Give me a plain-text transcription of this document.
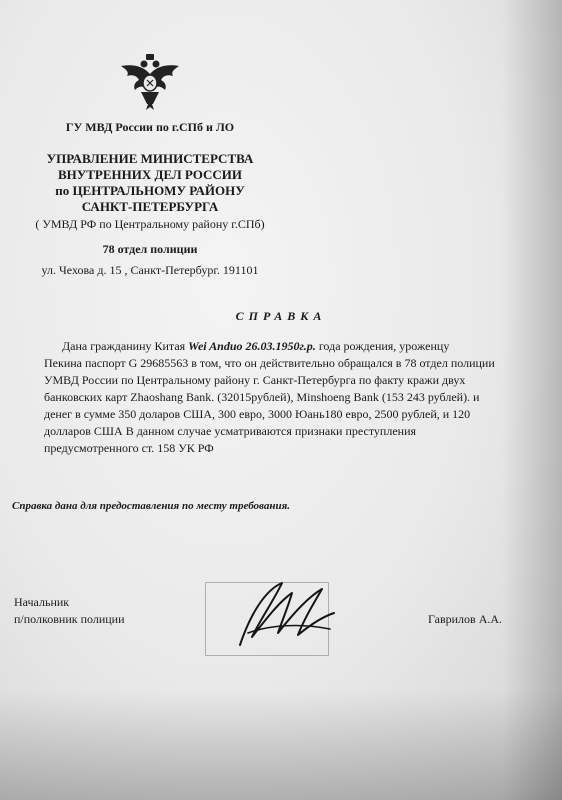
ГУ МВД России по г.СПб и ЛО
УПРАВЛЕНИЕ МИНИСТЕРСТВА
ВНУТРЕННИХ ДЕЛ РОССИИ
по ЦЕНТРАЛЬНОМУ РАЙОНУ
САНКТ-ПЕТЕРБУРГА
( УМВД РФ по Центральному району г.СПб)
78 отдел полиции
ул. Чехова д. 15 , Санкт-Петербург. 191101
СПРАВКА

Дана гражданину Китая Wei Anduo 26.03.1950г.р. года рождения, уроженцу

Пекина паспорт G 29685563 в том, что он действительно обращался в 78 отдел полиции

УМВД России по Центральному району г. Санкт-Петербурга по факту кражи двух

банковских карт Zhaoshang Bank. (32015рублей), Minshoeng Bank (153 243 рублей). и

денег в сумме 350 доларов США, 300 евро, 3000 Юань180 евро, 2500 рублей, и 120

долларов США В данном случае усматриваются признаки преступления

предусмотренного ст. 158 УК РФ

Справка дана для предоставления по месту требования.
Начальник
п/полковник полиции	Гаврилов А.А.
